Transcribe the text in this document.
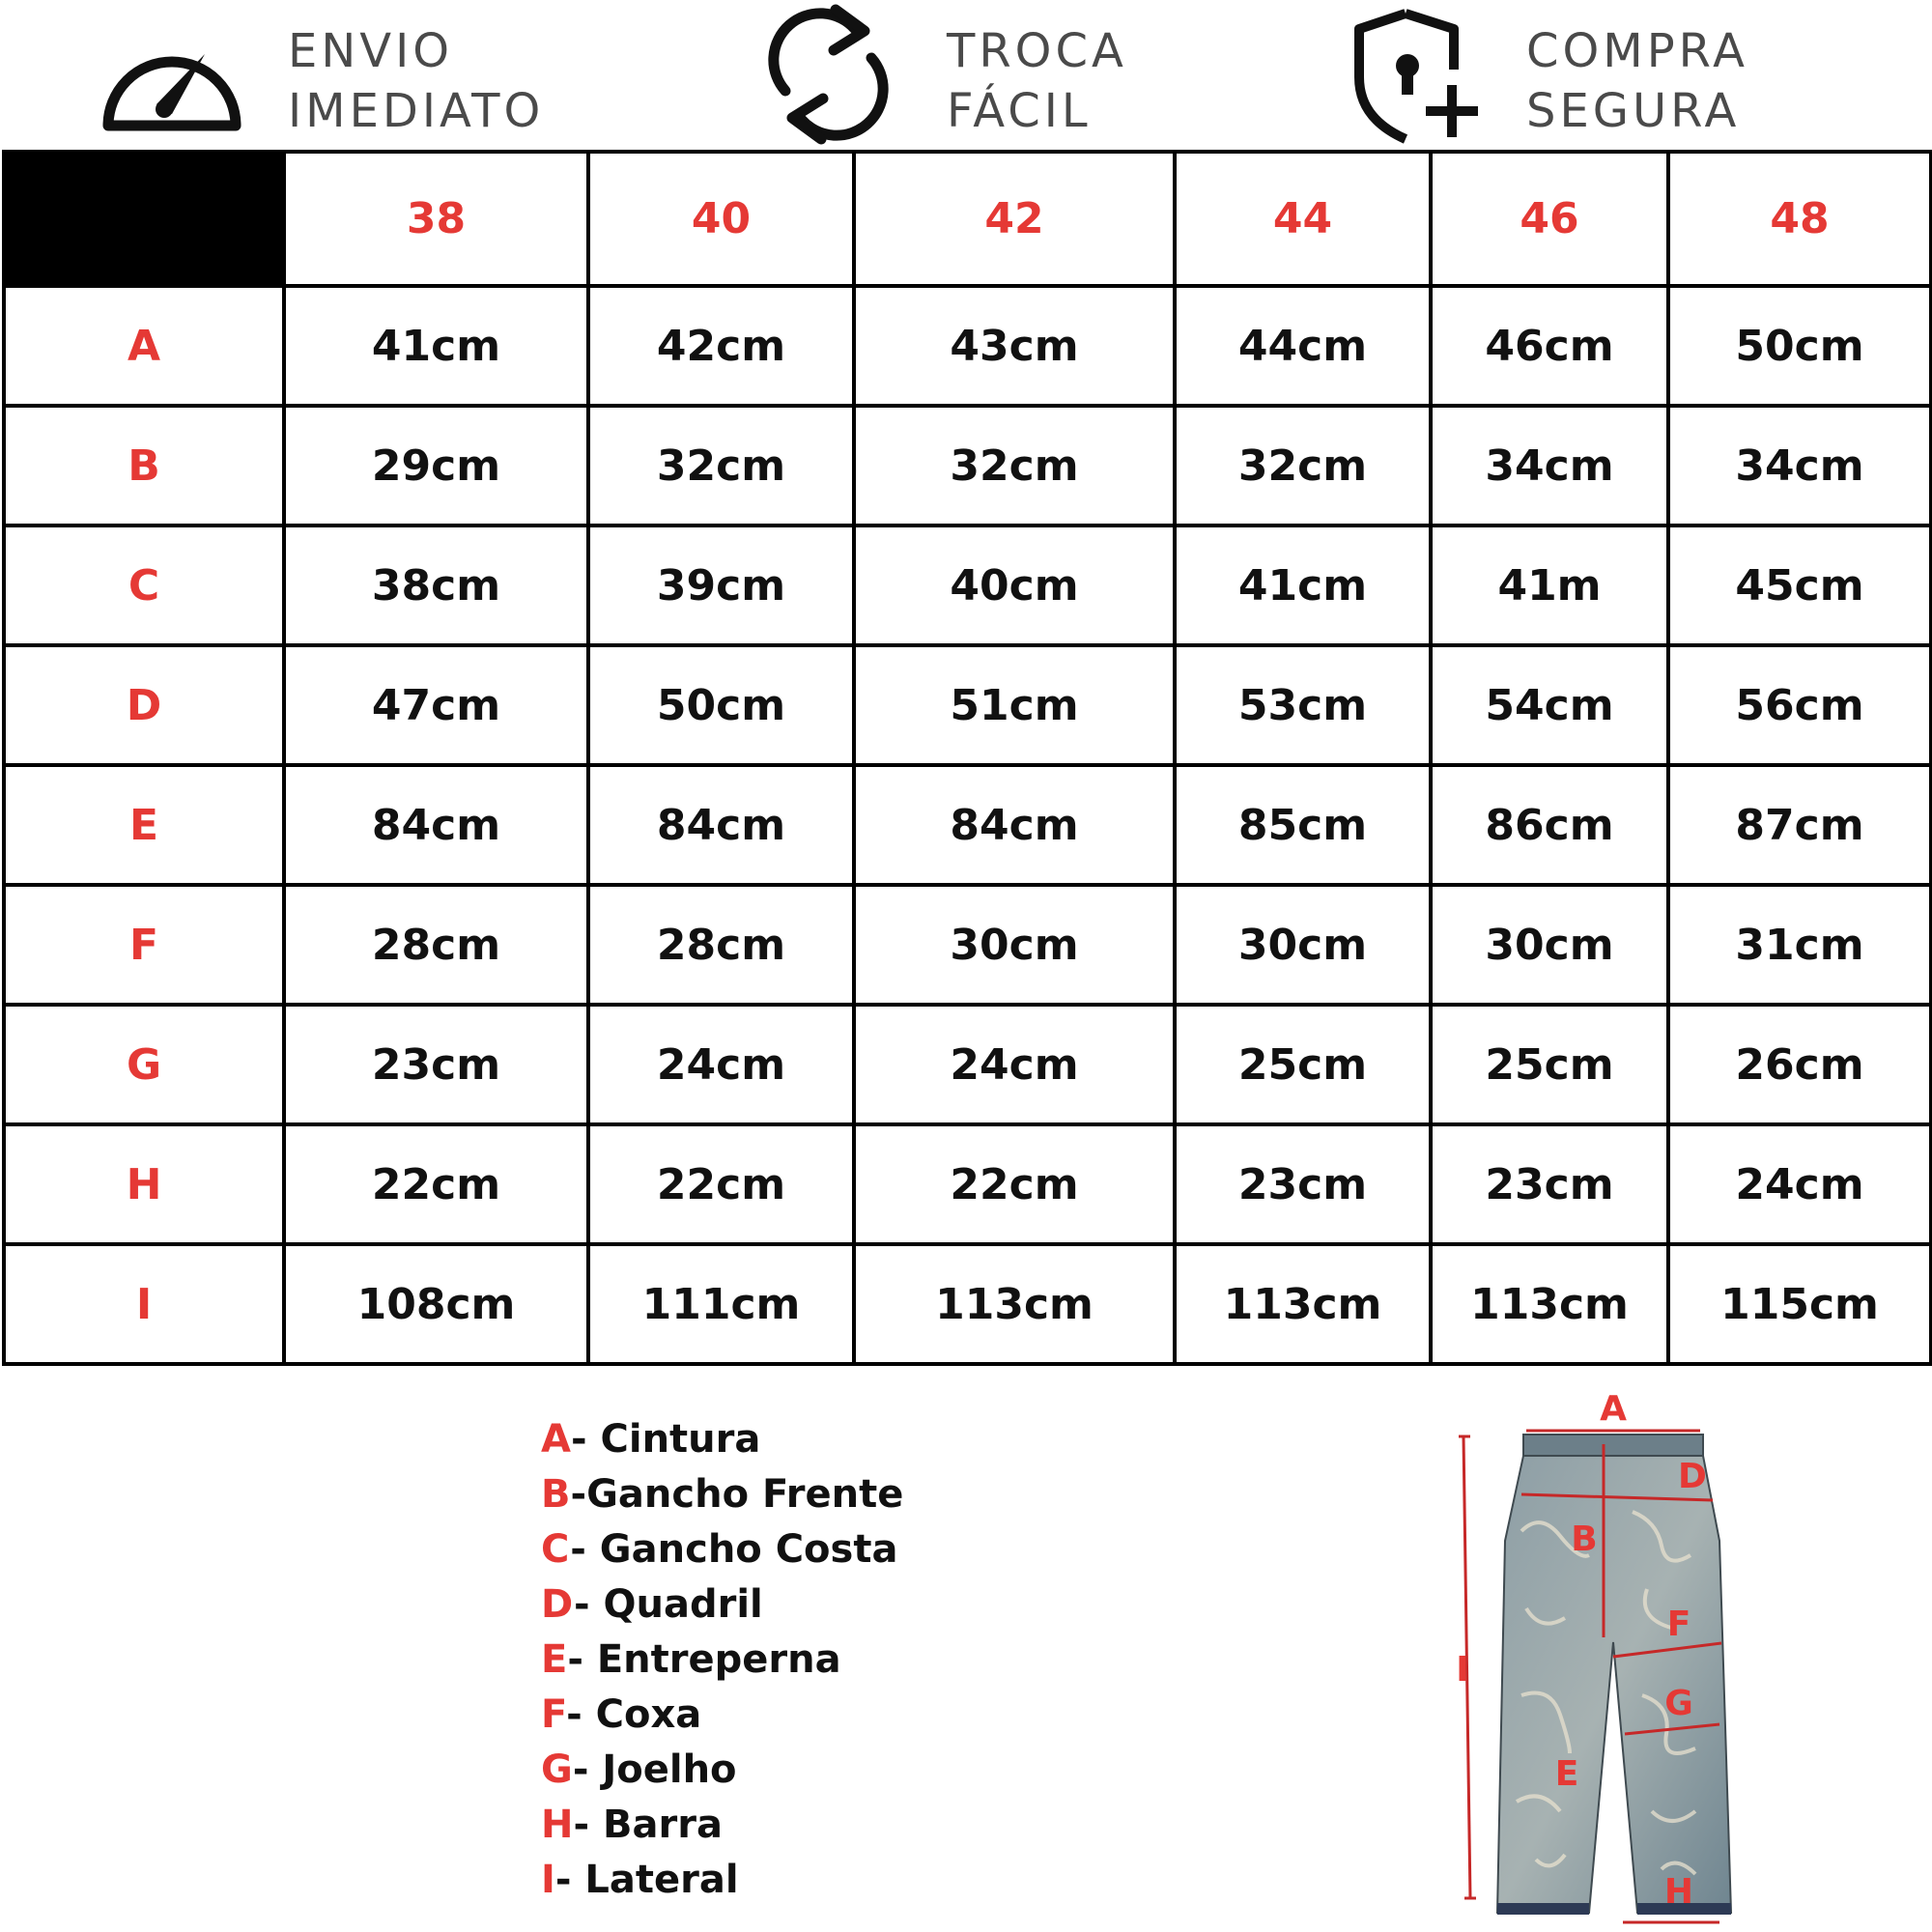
ENVIO
IMEDIATO
TROCA
FÁCIL
COMPRA
SEGURA
	38	40	42	44	46	48
A	41cm	42cm	43cm	44cm	46cm	50cm
B	29cm	32cm	32cm	32cm	34cm	34cm
C	38cm	39cm	40cm	41cm	41m	45cm
D	47cm	50cm	51cm	53cm	54cm	56cm
E	84cm	84cm	84cm	85cm	86cm	87cm
F	28cm	28cm	30cm	30cm	30cm	31cm
G	23cm	24cm	24cm	25cm	25cm	26cm
H	22cm	22cm	22cm	23cm	23cm	24cm
I	108cm	111cm	113cm	113cm	113cm	115cm
A- Cintura
B-Gancho Frente
C- Gancho Costa
D- Quadril
E- Entreperna
F- Coxa
G- Joelho
H- Barra
I- Lateral
A
D
B
F
I
G
E
H
